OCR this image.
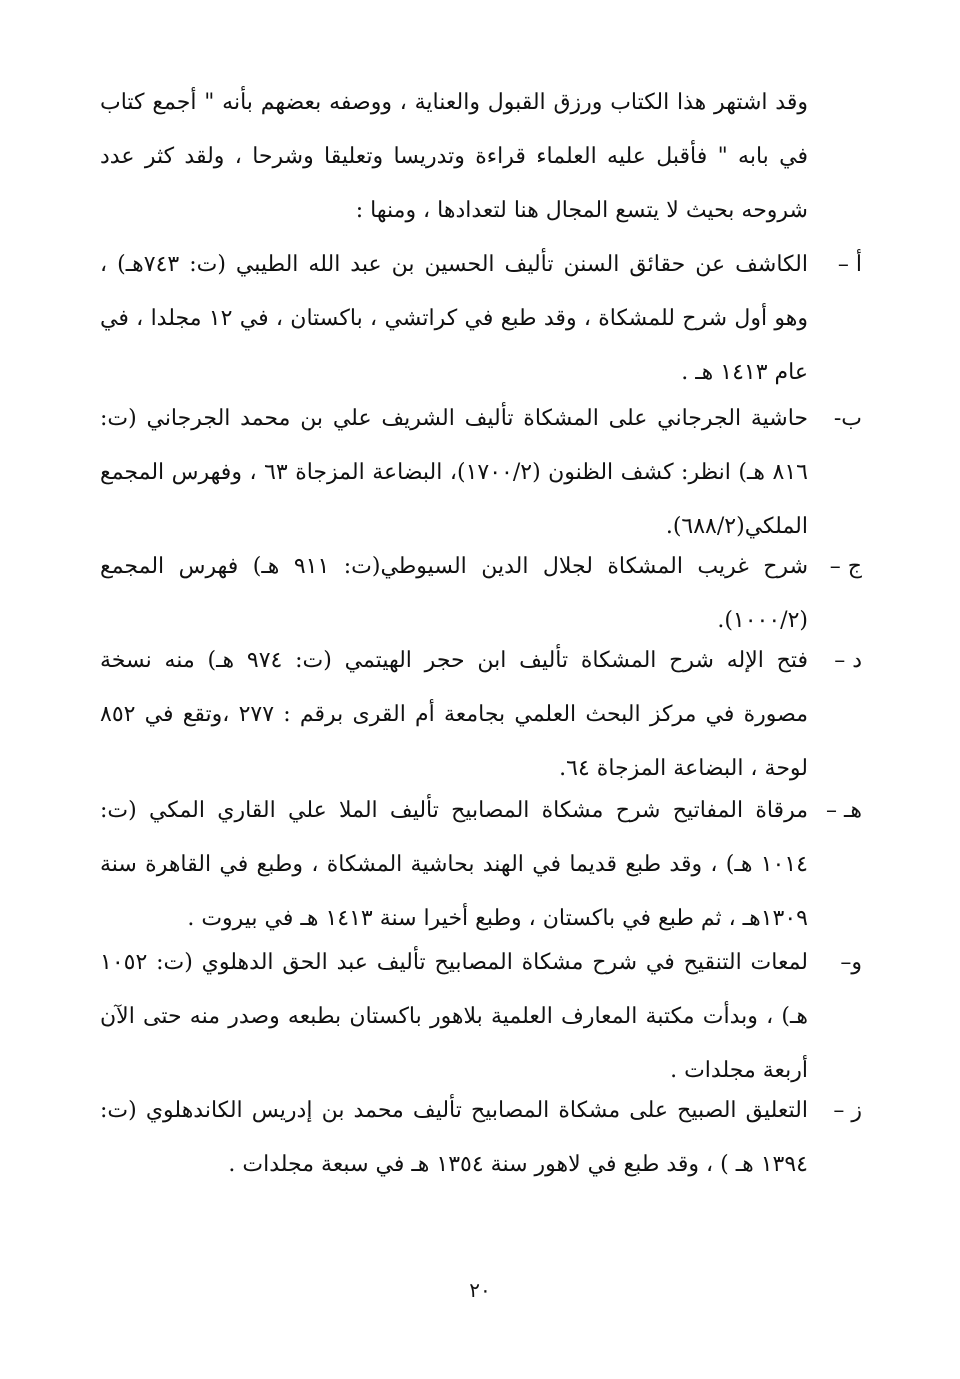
وقد اشتهر هذا الكتاب ورزق القبول والعناية ، ووصفه بعضهم بأنه " أجمع كتاب في بابه " فأقبل عليه العلماء قراءة وتدريسا وتعليقا وشرحا ، ولقد كثر عدد شروحه بحيث لا يتسع المجال هنا لتعدادها ، ومنها :

أ –

الكاشف عن حقائق السنن تأليف الحسين بن عبد الله الطيبي (ت: ٧٤٣هـ) ، وهو أول شرح للمشكاة ، وقد طبع في كراتشي ، باكستان ، في ١٢ مجلدا ، في عام ١٤١٣ هـ .

ب-

حاشية الجرجاني على المشكاة تأليف الشريف علي بن محمد الجرجاني (ت: ٨١٦ هـ) انظر: كشف الظنون (١٧٠٠/٢)، البضاعة المزجاة ٦٣ ، وفهرس المجمع الملكي(٦٨٨/٢).

ج –

شرح غريب المشكاة لجلال الدين السيوطي(ت: ٩١١ هـ) فهرس المجمع (١٠٠٠/٢).

د –

فتح الإله شرح المشكاة تأليف ابن حجر الهيتمي (ت: ٩٧٤ هـ) منه نسخة مصورة في مركز البحث العلمي بجامعة أم القرى برقم : ٢٧٧ ،وتقع في ٨٥٢ لوحة ، البضاعة المزجاة ٦٤.

هـ –

مرقاة المفاتيح شرح مشكاة المصابيح تأليف الملا علي القاري المكي (ت: ١٠١٤ هـ) ، وقد طبع قديما في الهند بحاشية المشكاة ، وطبع في القاهرة سنة ١٣٠٩هـ ، ثم طبع في باكستان ، وطبع أخيرا سنة ١٤١٣ هـ في بيروت .

و–

لمعات التنقيح في شرح مشكاة المصابيح تأليف عبد الحق الدهلوي (ت: ١٠٥٢ هـ) ، وبدأت مكتبة المعارف العلمية بلاهور باكستان بطبعه وصدر منه حتى الآن أربعة مجلدات .

ز –

التعليق الصبيح على مشكاة المصابيح تأليف محمد بن إدريس الكاندهلوي (ت: ١٣٩٤ هـ ) ، وقد طبع في لاهور سنة ١٣٥٤ هـ في سبعة مجلدات .

٢٠
